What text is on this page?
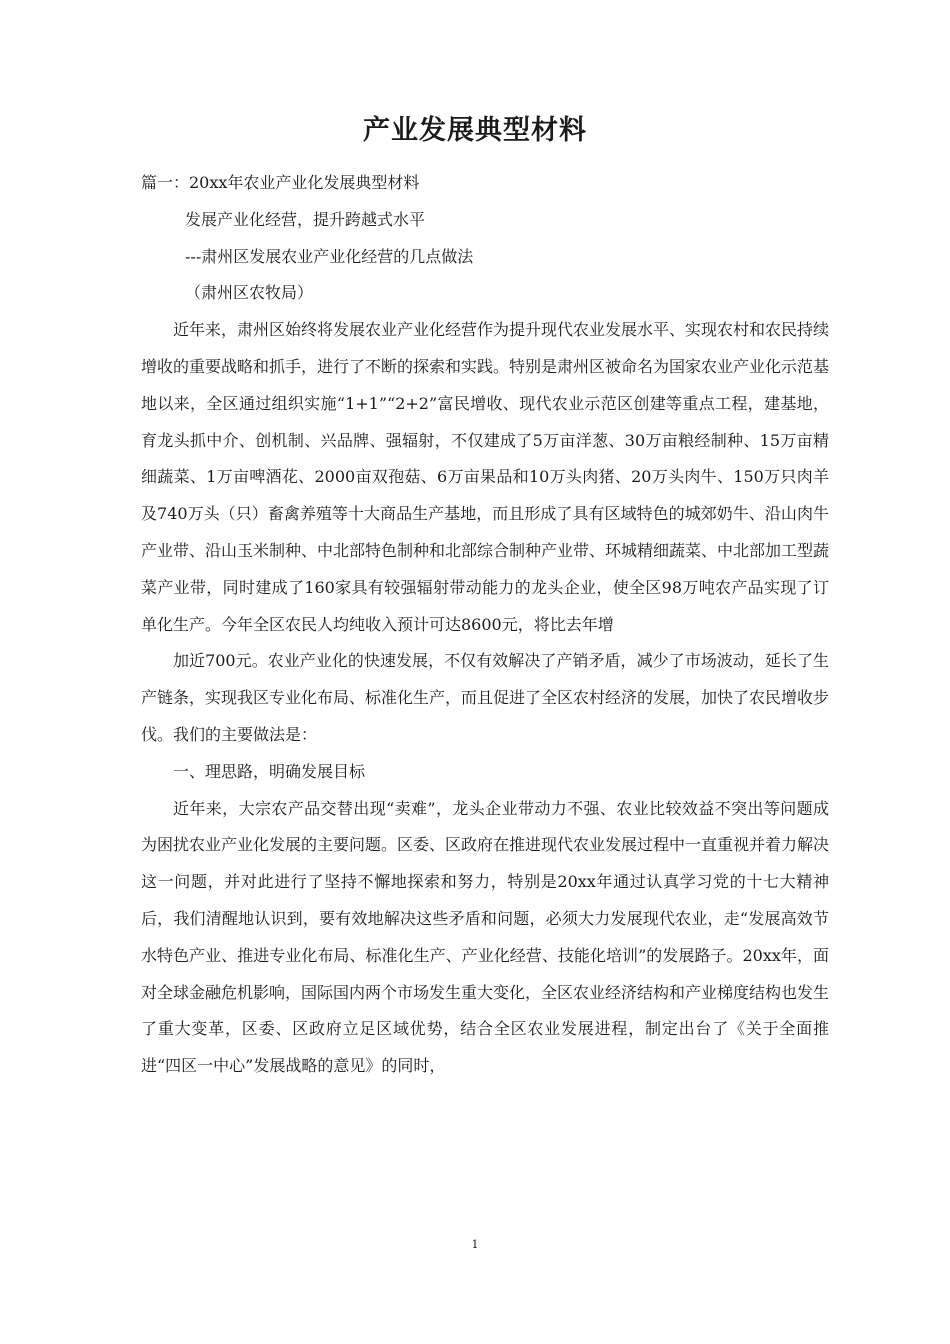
产业发展典型材料

篇一：20xx年农业产业化发展典型材料

发展产业化经营，提升跨越式水平

---肃州区发展农业产业化经营的几点做法

（肃州区农牧局）

近年来，肃州区始终将发展农业产业化经营作为提升现代农业发展水平、实现农村和农民持续增收的重要战略和抓手，进行了不断的探索和实践。特别是肃州区被命名为国家农业产业化示范基地以来，全区通过组织实施“1+1”“2+2”富民增收、现代农业示范区创建等重点工程，建基地，育龙头抓中介、创机制、兴品牌、强辐射，不仅建成了5万亩洋葱、30万亩粮经制种、15万亩精细蔬菜、1万亩啤酒花、2000亩双孢菇、6万亩果品和10万头肉猪、20万头肉牛、150万只肉羊及740万头（只）畜禽养殖等十大商品生产基地，而且形成了具有区域特色的城郊奶牛、沿山肉牛产业带、沿山玉米制种、中北部特色制种和北部综合制种产业带、环城精细蔬菜、中北部加工型蔬菜产业带，同时建成了160家具有较强辐射带动能力的龙头企业，使全区98万吨农产品实现了订单化生产。今年全区农民人均纯收入预计可达8600元，将比去年增

加近700元。农业产业化的快速发展，不仅有效解决了产销矛盾，减少了市场波动，延长了生产链条，实现我区专业化布局、标准化生产，而且促进了全区农村经济的发展，加快了农民增收步伐。我们的主要做法是：

一、理思路，明确发展目标

近年来，大宗农产品交替出现“卖难”，龙头企业带动力不强、农业比较效益不突出等问题成为困扰农业产业化发展的主要问题。区委、区政府在推进现代农业发展过程中一直重视并着力解决这一问题，并对此进行了坚持不懈地探索和努力，特别是20xx年通过认真学习党的十七大精神后，我们清醒地认识到，要有效地解决这些矛盾和问题，必须大力发展现代农业，走“发展高效节水特色产业、推进专业化布局、标准化生产、产业化经营、技能化培训”的发展路子。20xx年，面对全球金融危机影响，国际国内两个市场发生重大变化，全区农业经济结构和产业梯度结构也发生了重大变革，区委、区政府立足区域优势，结合全区农业发展进程，制定出台了《关于全面推进“四区一中心”发展战略的意见》的同时，

1
